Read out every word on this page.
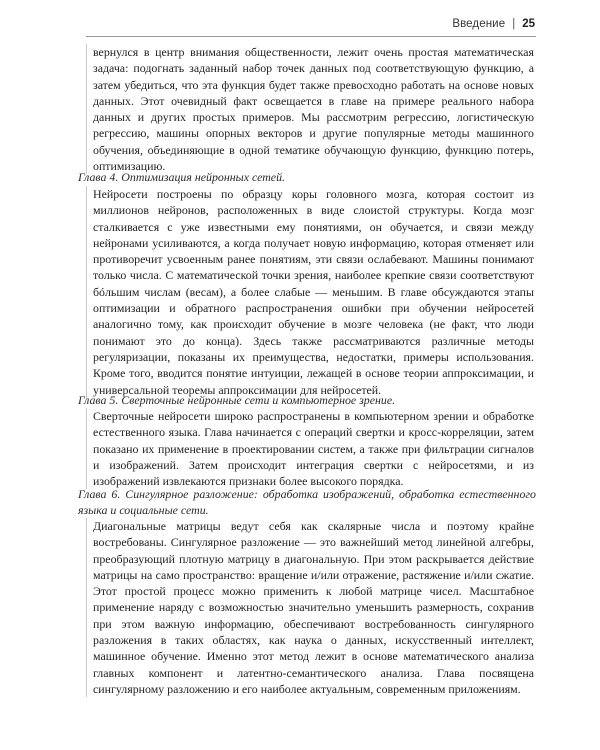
Введение | 25

вернулся в центр внимания общественности, лежит очень простая математическая задача: подогнать заданный набор точек данных под соответствующую функцию, а затем убедиться, что эта функция будет также превосходно работать на основе новых данных. Этот очевидный факт освещается в главе на примере реального набора данных и других простых примеров. Мы рассмотрим регрессию, логистическую регрессию, машины опорных векторов и другие популярные методы машинного обучения, объединяющие в одной тематике обучающую функцию, функцию потерь, оптимизацию.

Глава 4. Оптимизация нейронных сетей.

Нейросети построены по образцу коры головного мозга, которая состоит из миллионов нейронов, расположенных в виде слоистой структуры. Когда мозг сталкивается с уже известными ему понятиями, он обучается, и связи между нейронами усиливаются, а когда получает новую информацию, которая отменяет или противоречит усвоенным ранее понятиям, эти связи ослабевают. Машины понимают только числа. С математической точки зрения, наиболее крепкие связи соответствуют бóльшим числам (весам), а более слабые — меньшим. В главе обсуждаются этапы оптимизации и обратного распространения ошибки при обучении нейросетей аналогично тому, как происходит обучение в мозге человека (не факт, что люди понимают это до конца). Здесь также рассматриваются различные методы регуляризации, показаны их преимущества, недостатки, примеры использования. Кроме того, вводится понятие интуиции, лежащей в основе теории аппроксимации, и универсальной теоремы аппроксимации для нейросетей.

Глава 5. Сверточные нейронные сети и компьютерное зрение.

Сверточные нейросети широко распространены в компьютерном зрении и обработке естественного языка. Глава начинается с операций свертки и кросс-корреляции, затем показано их применение в проектировании систем, а также при фильтрации сигналов и изображений. Затем происходит интеграция свертки с нейросетями, и из изображений извлекаются признаки более высокого порядка.

Глава 6. Сингулярное разложение: обработка изображений, обработка естественного языка и социальные сети.

Диагональные матрицы ведут себя как скалярные числа и поэтому крайне востребованы. Сингулярное разложение — это важнейший метод линейной алгебры, преобразующий плотную матрицу в диагональную. При этом раскрывается действие матрицы на само пространство: вращение и/или отражение, растяжение и/или сжатие. Этот простой процесс можно применить к любой матрице чисел. Масштабное применение наряду с возможностью значительно уменьшить размерность, сохранив при этом важную информацию, обеспечивают востребованность сингулярного разложения в таких областях, как наука о данных, искусственный интеллект, машинное обучение. Именно этот метод лежит в основе математического анализа главных компонент и латентно-семантического анализа. Глава посвящена сингулярному разложению и его наиболее актуальным, современным приложениям.
